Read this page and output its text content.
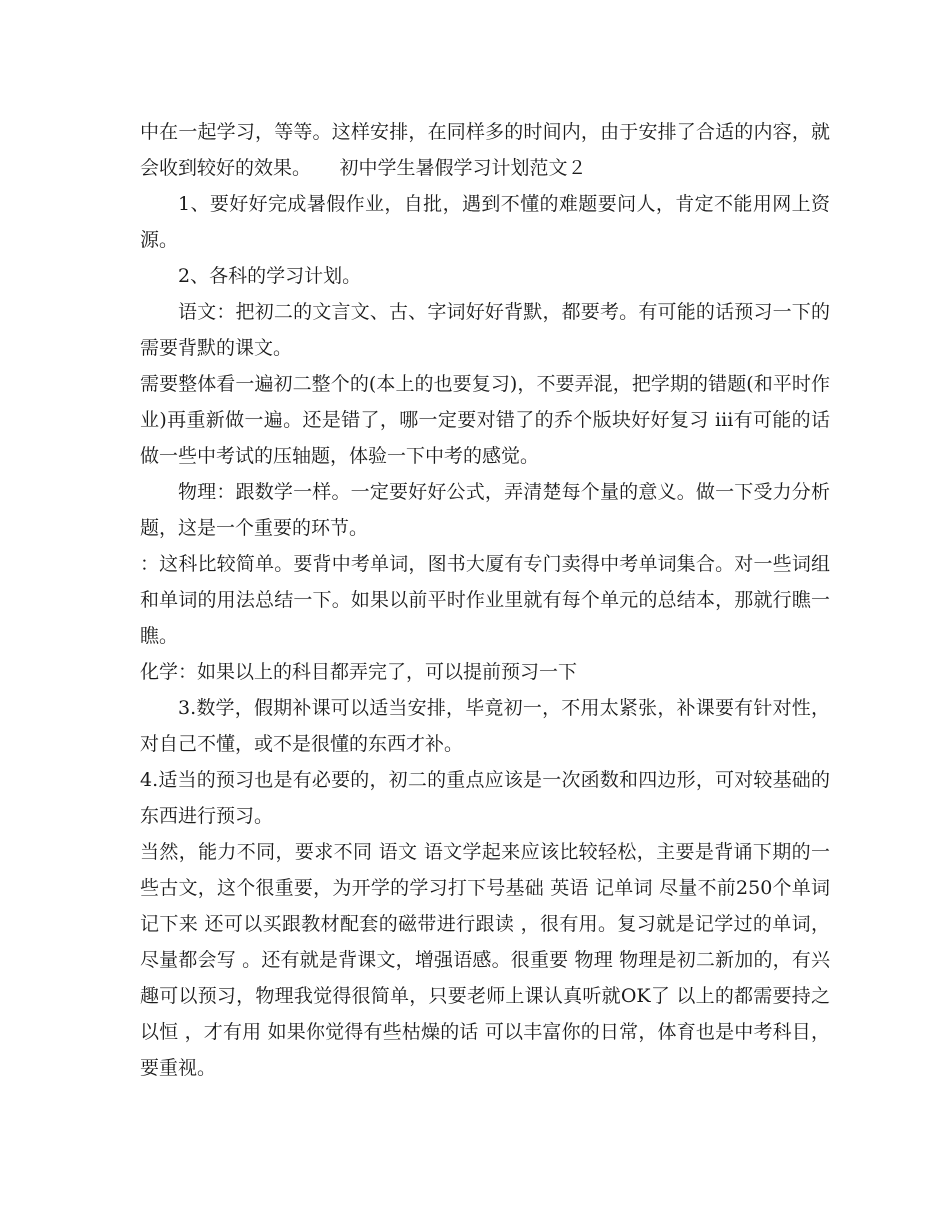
中在一起学习，等等。这样安排，在同样多的时间内，由于安排了合适的内容，就会收到较好的效果。　　初中学生暑假学习计划范文２

1、要好好完成暑假作业，自批，遇到不懂的难题要问人，肯定不能用网上资源。

2、各科的学习计划。

语文：把初二的文言文、古、字词好好背默，都要考。有可能的话预习一下的需要背默的课文。

需要整体看一遍初二整个的(本上的也要复习)，不要弄混，把学期的错题(和平时作业)再重新做一遍。还是错了，哪一定要对错了的乔个版块好好复习 iii有可能的话做一些中考试的压轴题，体验一下中考的感觉。

物理：跟数学一样。一定要好好公式，弄清楚每个量的意义。做一下受力分析题，这是一个重要的环节。

：这科比较简单。要背中考单词，图书大厦有专门卖得中考单词集合。对一些词组和单词的用法总结一下。如果以前平时作业里就有每个单元的总结本，那就行瞧一瞧。

化学：如果以上的科目都弄完了，可以提前预习一下

3.数学，假期补课可以适当安排，毕竟初一，不用太紧张，补课要有针对性，对自己不懂，或不是很懂的东西才补。

4.适当的预习也是有必要的，初二的重点应该是一次函数和四边形，可对较基础的东西进行预习。

当然，能力不同，要求不同 语文 语文学起来应该比较轻松，主要是背诵下期的一些古文，这个很重要，为开学的学习打下号基础 英语 记单词 尽量不前250个单词记下来 还可以买跟教材配套的磁带进行跟读 ，很有用。复习就是记学过的单词，尽量都会写 。还有就是背课文，增强语感。很重要 物理 物理是初二新加的，有兴趣可以预习，物理我觉得很简单，只要老师上课认真听就OK了 以上的都需要持之以恒 ，才有用 如果你觉得有些枯燥的话 可以丰富你的日常，体育也是中考科目，要重视。
